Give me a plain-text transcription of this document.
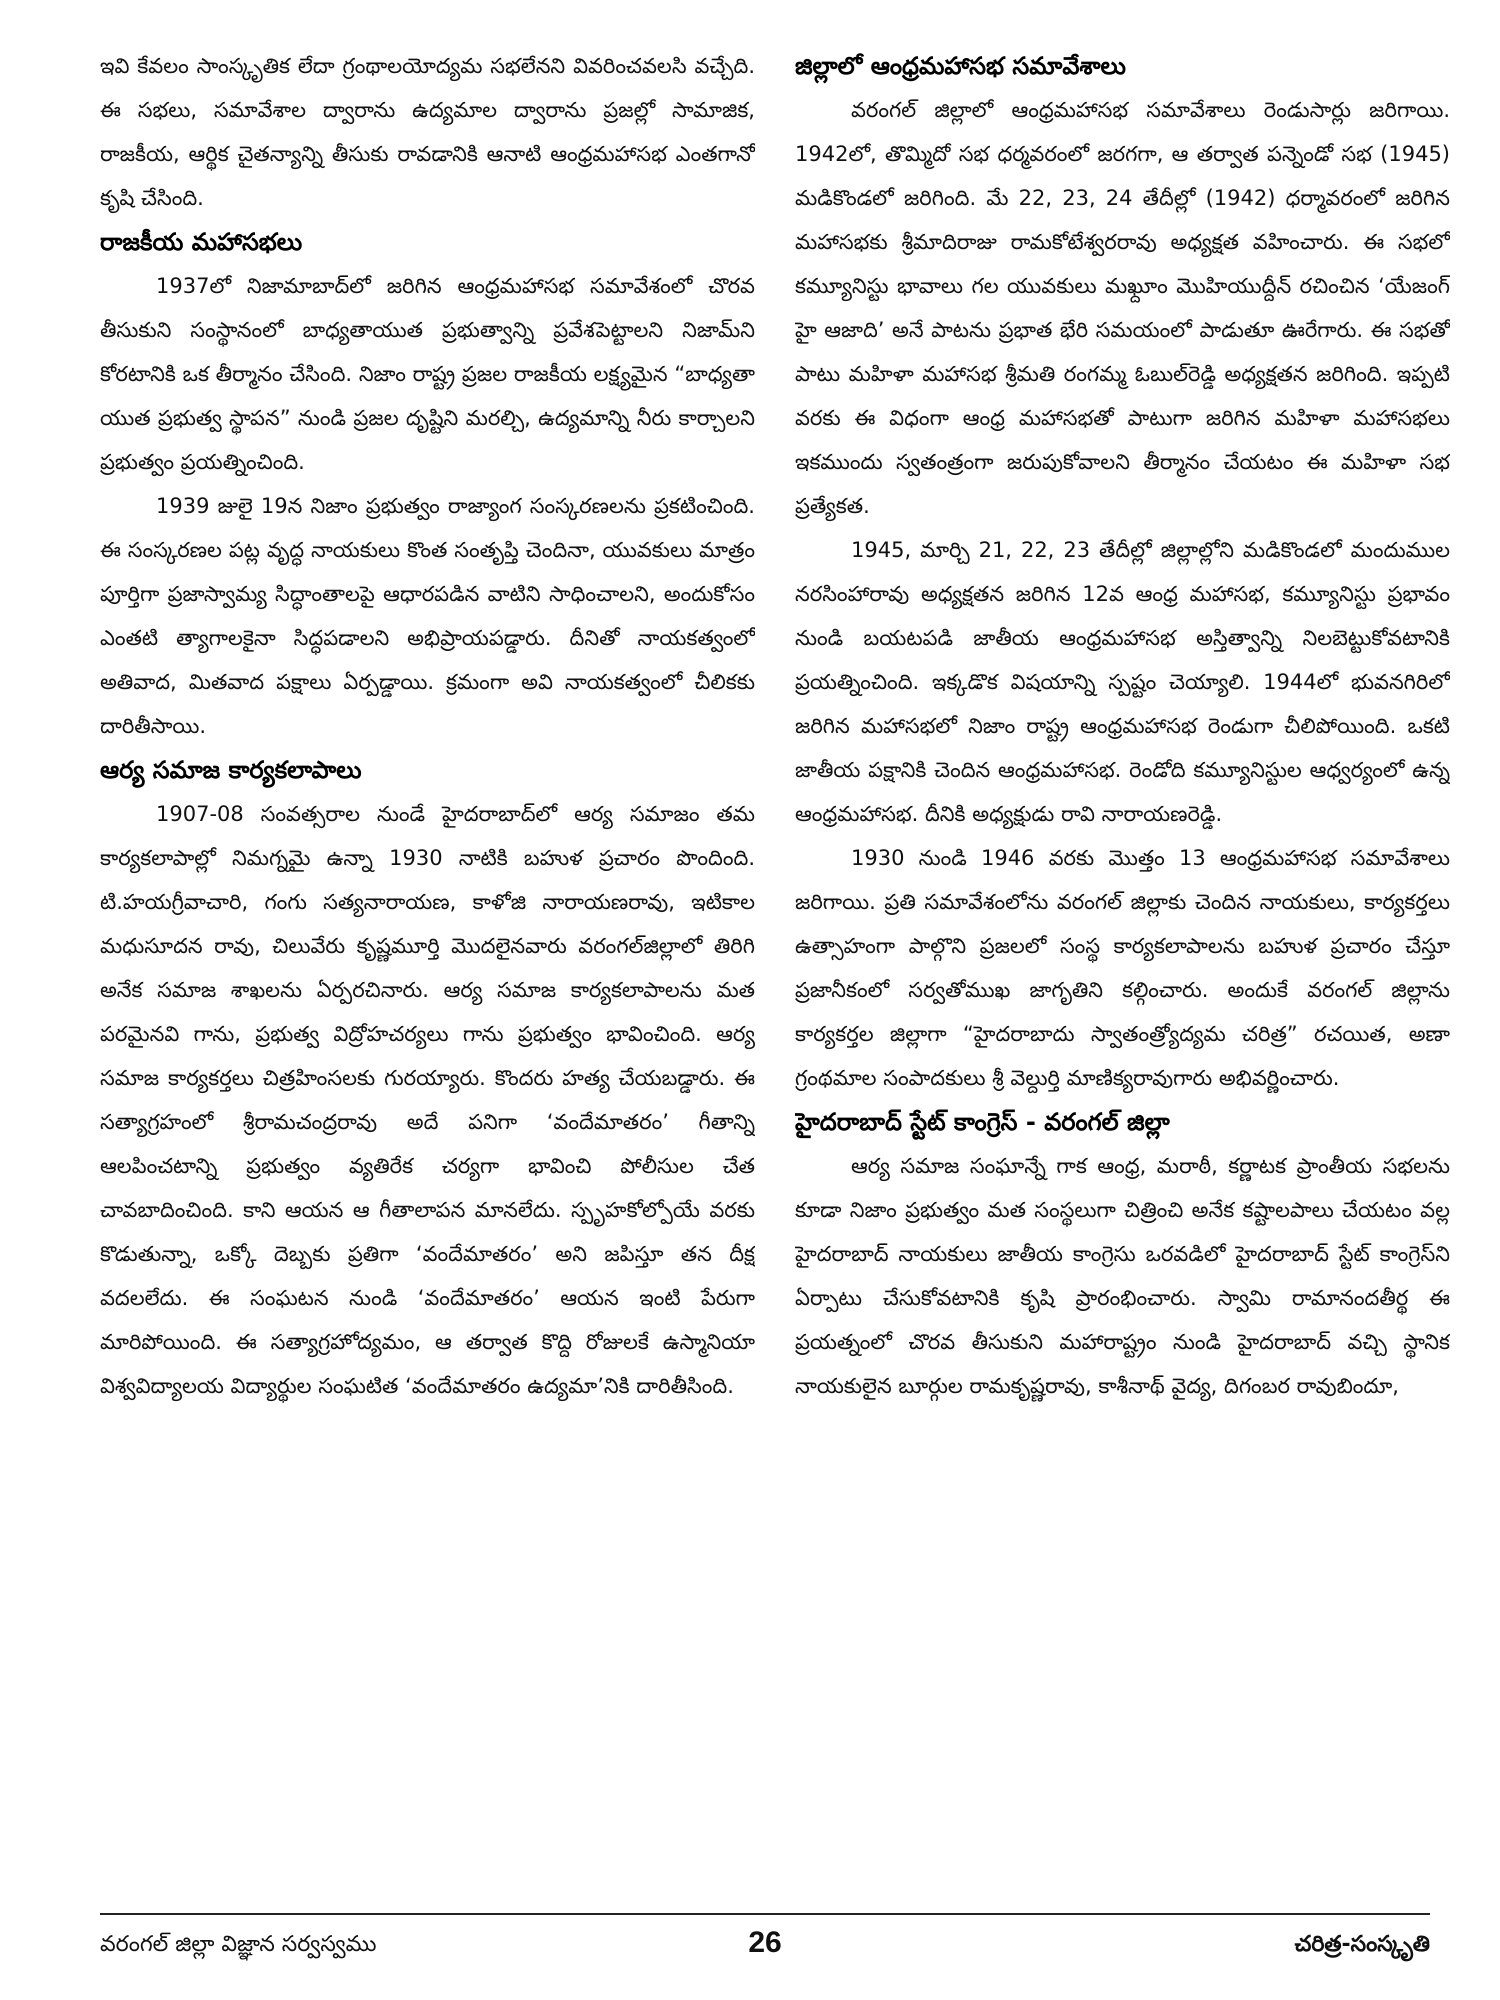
ఇవి కేవలం సాంస్కృతిక లేదా గ్రంథాలయోద్యమ సభలేనని వివరించవలసి వచ్చేది. ఈ సభలు, సమావేశాల ద్వారాను ఉద్యమాల ద్వారాను ప్రజల్లో సామాజిక, రాజకీయ, ఆర్థిక చైతన్యాన్ని తీసుకు రావడానికి ఆనాటి ఆంధ్రమహాసభ ఎంతగానో కృషి చేసింది.

రాజకీయ మహాసభలు

1937లో నిజామాబాద్‌లో జరిగిన ఆంధ్రమహాసభ సమావేశంలో చొరవ తీసుకుని సంస్థానంలో బాధ్యతాయుత ప్రభుత్వాన్ని ప్రవేశపెట్టాలని నిజామ్‌ని కోరటానికి ఒక తీర్మానం చేసింది. నిజాం రాష్ట్ర ప్రజల రాజకీయ లక్ష్యమైన “బాధ్యతా యుత ప్రభుత్వ స్థాపన” నుండి ప్రజల దృష్టిని మరల్చి, ఉద్యమాన్ని నీరు కార్చాలని ప్రభుత్వం ప్రయత్నించింది.

1939 జులై 19న నిజాం ప్రభుత్వం రాజ్యాంగ సంస్కరణలను ప్రకటించింది. ఈ సంస్కరణల పట్ల వృద్ధ నాయకులు కొంత సంతృప్తి చెందినా, యువకులు మాత్రం పూర్తిగా ప్రజాస్వామ్య సిద్ధాంతాలపై ఆధారపడిన వాటిని సాధించాలని, అందుకోసం ఎంతటి త్యాగాలకైనా సిద్ధపడాలని అభిప్రాయపడ్డారు. దీనితో నాయకత్వంలో అతివాద, మితవాద పక్షాలు ఏర్పడ్డాయి. క్రమంగా అవి నాయకత్వంలో చీలికకు దారితీసాయి.

ఆర్య సమాజ కార్యకలాపాలు

1907-08 సంవత్సరాల నుండే హైదరాబాద్‌లో ఆర్య సమాజం తమ కార్యకలాపాల్లో నిమగ్నమై ఉన్నా 1930 నాటికి బహుళ ప్రచారం పొందింది. టి.హయగ్రీవాచారి, గంగు సత్యనారాయణ, కాళోజి నారాయణరావు, ఇటికాల మధుసూదన రావు, చిలువేరు కృష్ణమూర్తి మొదలైనవారు వరంగల్‌జిల్లాలో తిరిగి అనేక సమాజ శాఖలను ఏర్పరచినారు. ఆర్య సమాజ కార్యకలాపాలను మత పరమైనవి గాను, ప్రభుత్వ విద్రోహచర్యలు గాను ప్రభుత్వం భావించింది. ఆర్య సమాజ కార్యకర్తలు చిత్రహింసలకు గురయ్యారు. కొందరు హత్య చేయబడ్డారు. ఈ సత్యాగ్రహంలో శ్రీరామచంద్రరావు అదే పనిగా ‘వందేమాతరం’ గీతాన్ని ఆలపించటాన్ని ప్రభుత్వం వ్యతిరేక చర్యగా భావించి పోలీసుల చేత చావబాదించింది. కాని ఆయన ఆ గీతాలాపన మానలేదు. స్పృహకోల్పోయే వరకు కొడుతున్నా, ఒక్కో దెబ్బకు ప్రతిగా ‘వందేమాతరం’ అని జపిస్తూ తన దీక్ష వదలలేదు. ఈ సంఘటన నుండి ‘వందేమాతరం’ ఆయన ఇంటి పేరుగా మారిపోయింది. ఈ సత్యాగ్రహోద్యమం, ఆ తర్వాత కొద్ది రోజులకే ఉస్మానియా విశ్వవిద్యాలయ విద్యార్థుల సంఘటిత ‘వందేమాతరం ఉద్యమా’నికి దారితీసింది.

జిల్లాలో ఆంధ్రమహాసభ సమావేశాలు

వరంగల్ జిల్లాలో ఆంధ్రమహాసభ సమావేశాలు రెండుసార్లు జరిగాయి. 1942లో, తొమ్మిదో సభ ధర్మవరంలో జరగగా, ఆ తర్వాత పన్నెండో సభ (1945) మడికొండలో జరిగింది. మే 22, 23, 24 తేదీల్లో (1942) ధర్మావరంలో జరిగిన మహాసభకు శ్రీమాదిరాజు రామకోటేశ్వరరావు అధ్యక్షత వహించారు. ఈ సభలో కమ్యూనిస్టు భావాలు గల యువకులు మఖ్దూం మొహియుద్దీన్ రచించిన ‘యేజంగ్ హై ఆజాది’ అనే పాటను ప్రభాత భేరి సమయంలో పాడుతూ ఊరేగారు. ఈ సభతో పాటు మహిళా మహాసభ శ్రీమతి రంగమ్మ ఓబుల్‌రెడ్డి అధ్యక్షతన జరిగింది. ఇప్పటి వరకు ఈ విధంగా ఆంధ్ర మహాసభతో పాటుగా జరిగిన మహిళా మహాసభలు ఇకముందు స్వతంత్రంగా జరుపుకోవాలని తీర్మానం చేయటం ఈ మహిళా సభ ప్రత్యేకత.

1945, మార్చి 21, 22, 23 తేదీల్లో జిల్లాల్లోని మడికొండలో మందుముల నరసింహారావు అధ్యక్షతన జరిగిన 12వ ఆంధ్ర మహాసభ, కమ్యూనిస్టు ప్రభావం నుండి బయటపడి జాతీయ ఆంధ్రమహాసభ అస్తిత్వాన్ని నిలబెట్టుకోవటానికి ప్రయత్నించింది. ఇక్కడొక విషయాన్ని స్పష్టం చెయ్యాలి. 1944లో భువనగిరిలో జరిగిన మహాసభలో నిజాం రాష్ట్ర ఆంధ్రమహాసభ రెండుగా చీలిపోయింది. ఒకటి జాతీయ పక్షానికి చెందిన ఆంధ్రమహాసభ. రెండోది కమ్యూనిస్టుల ఆధ్వర్యంలో ఉన్న ఆంధ్రమహాసభ. దీనికి అధ్యక్షుడు రావి నారాయణరెడ్డి.

1930 నుండి 1946 వరకు మొత్తం 13 ఆంధ్రమహాసభ సమావేశాలు జరిగాయి. ప్రతి సమావేశంలోను వరంగల్ జిల్లాకు చెందిన నాయకులు, కార్యకర్తలు ఉత్సాహంగా పాల్గొని ప్రజలలో సంస్థ కార్యకలాపాలను బహుళ ప్రచారం చేస్తూ ప్రజానీకంలో సర్వతోముఖ జాగృతిని కల్గించారు. అందుకే వరంగల్ జిల్లాను కార్యకర్తల జిల్లాగా “హైదరాబాదు స్వాతంత్ర్యోద్యమ చరిత్ర” రచయిత, అణా గ్రంథమాల సంపాదకులు శ్రీ వెల్దుర్తి మాణిక్యరావుగారు అభివర్ణించారు.

హైదరాబాద్ స్టేట్ కాంగ్రెస్ - వరంగల్ జిల్లా

ఆర్య సమాజ సంఘాన్నే గాక ఆంధ్ర, మరాఠీ, కర్ణాటక ప్రాంతీయ సభలను కూడా నిజాం ప్రభుత్వం మత సంస్థలుగా చిత్రించి అనేక కష్టాలపాలు చేయటం వల్ల హైదరాబాద్ నాయకులు జాతీయ కాంగ్రెసు ఒరవడిలో హైదరాబాద్ స్టేట్ కాంగ్రెస్‌ని ఏర్పాటు చేసుకోవటానికి కృషి ప్రారంభించారు. స్వామి రామానందతీర్థ ఈ ప్రయత్నంలో చొరవ తీసుకుని మహారాష్ట్రం నుండి హైదరాబాద్ వచ్చి స్థానిక నాయకులైన బూర్గుల రామకృష్ణరావు, కాశీనాథ్ వైద్య, దిగంబర రావుబిందూ,

వరంగల్ జిల్లా విజ్ఞాన సర్వస్వము	26	చరిత్ర-సంస్కృతి
